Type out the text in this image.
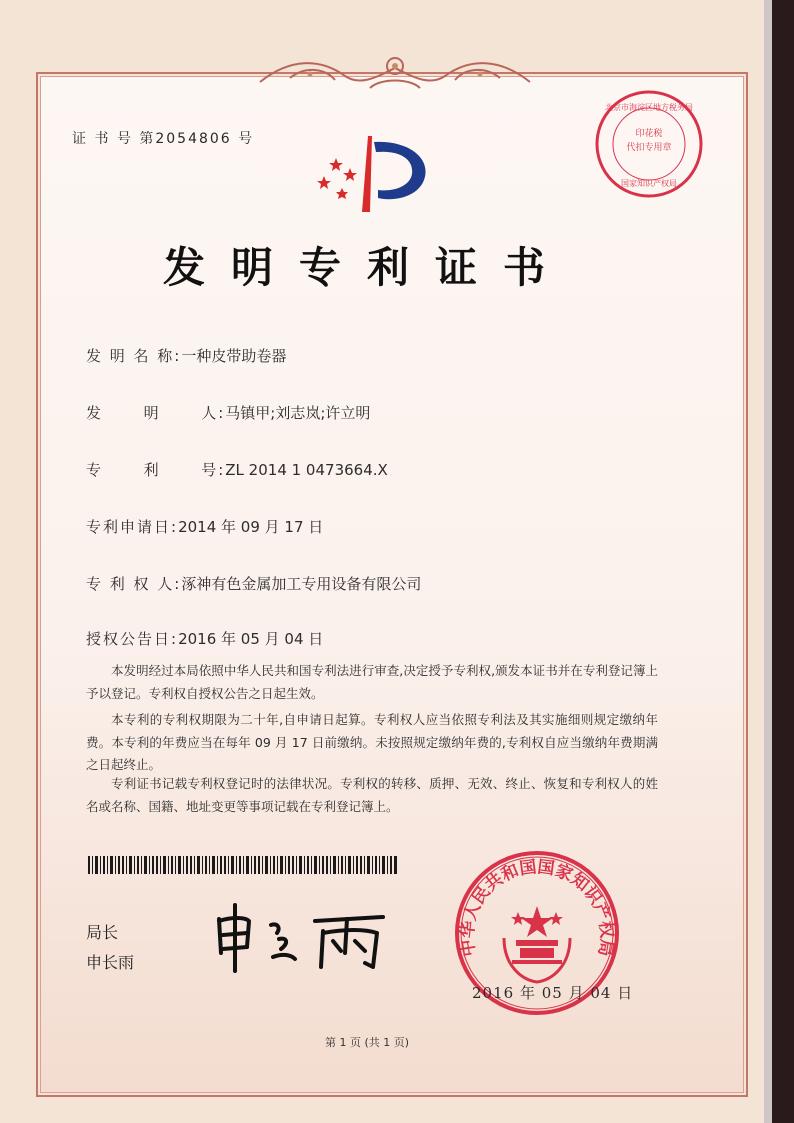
证 书 号 第2054806 号	印花税
代扣专用章
北京市海淀区地方税务局
国家知识产权局
发明专利证书
发 明 名 称:一种皮带助卷器
发      明      人:马镇甲;刘志岚;许立明
专      利      号:ZL 2014 1 0473664.X
专利申请日:2014 年 09 月 17 日
专 利 权 人:涿神有色金属加工专用设备有限公司
授权公告日:2016 年 05 月 04 日
本发明经过本局依照中华人民共和国专利法进行审查,决定授予专利权,颁发本证书并在专利登记簿上予以登记。专利权自授权公告之日起生效。
本专利的专利权期限为二十年,自申请日起算。专利权人应当依照专利法及其实施细则规定缴纳年费。本专利的年费应当在每年 09 月 17 日前缴纳。未按照规定缴纳年费的,专利权自应当缴纳年费期满之日起终止。
专利证书记载专利权登记时的法律状况。专利权的转移、质押、无效、终止、恢复和专利权人的姓名或名称、国籍、地址变更等事项记载在专利登记簿上。
局长
申长雨
中华人民共和国国家知识产权局
2016 年 05 月 04 日
第 1 页 (共 1 页)
